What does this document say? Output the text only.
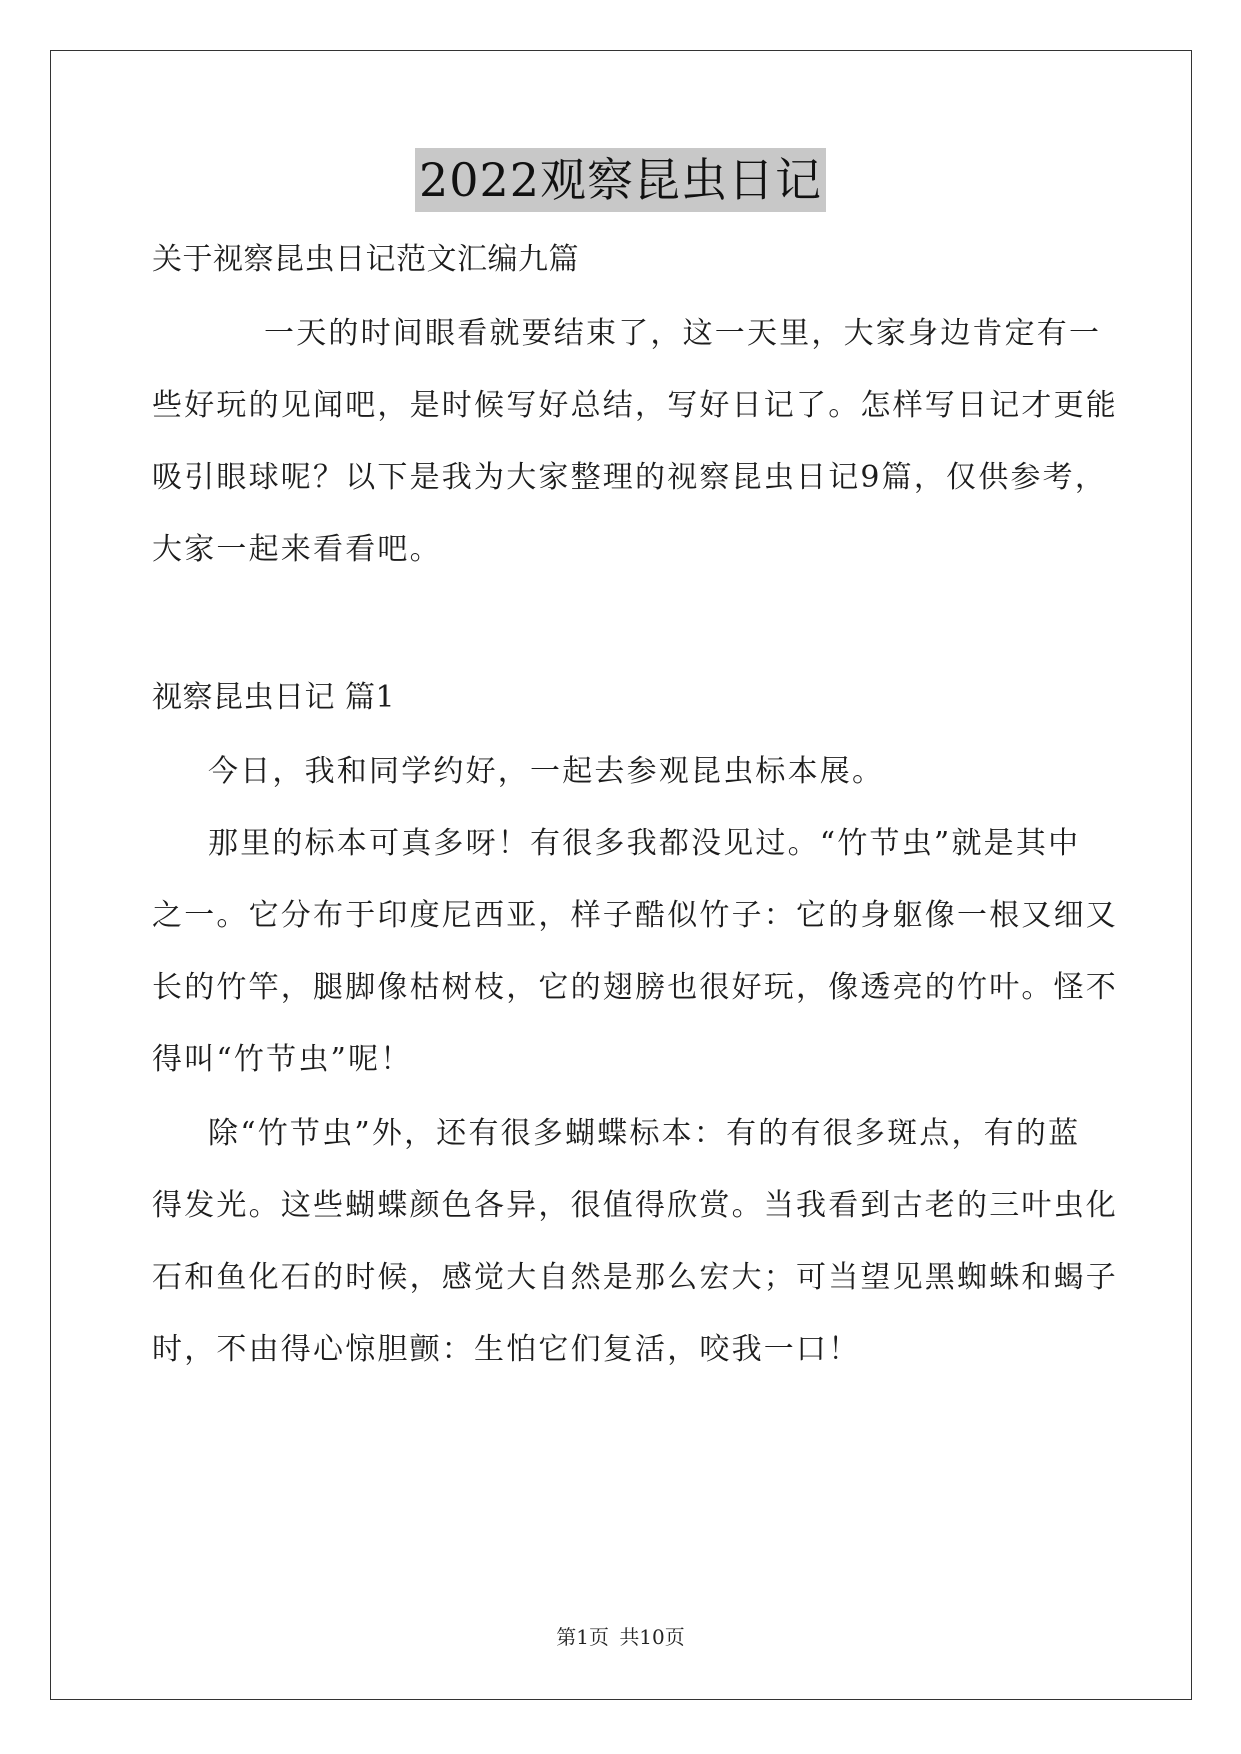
2022观察昆虫日记
关于视察昆虫日记范文汇编九篇
一天的时间眼看就要结束了，这一天里，大家身边肯定有一
些好玩的见闻吧，是时候写好总结，写好日记了。怎样写日记才更能
吸引眼球呢？以下是我为大家整理的视察昆虫日记9篇，仅供参考，
大家一起来看看吧。
视察昆虫日记 篇1
今日，我和同学约好，一起去参观昆虫标本展。
那里的标本可真多呀！有很多我都没见过。“竹节虫”就是其中
之一。它分布于印度尼西亚，样子酷似竹子：它的身躯像一根又细又
长的竹竿，腿脚像枯树枝，它的翅膀也很好玩，像透亮的竹叶。怪不
得叫“竹节虫”呢！
除“竹节虫”外，还有很多蝴蝶标本：有的有很多斑点，有的蓝
得发光。这些蝴蝶颜色各异，很值得欣赏。当我看到古老的三叶虫化
石和鱼化石的时候，感觉大自然是那么宏大；可当望见黑蜘蛛和蝎子
时，不由得心惊胆颤：生怕它们复活，咬我一口！
第1页 共10页
